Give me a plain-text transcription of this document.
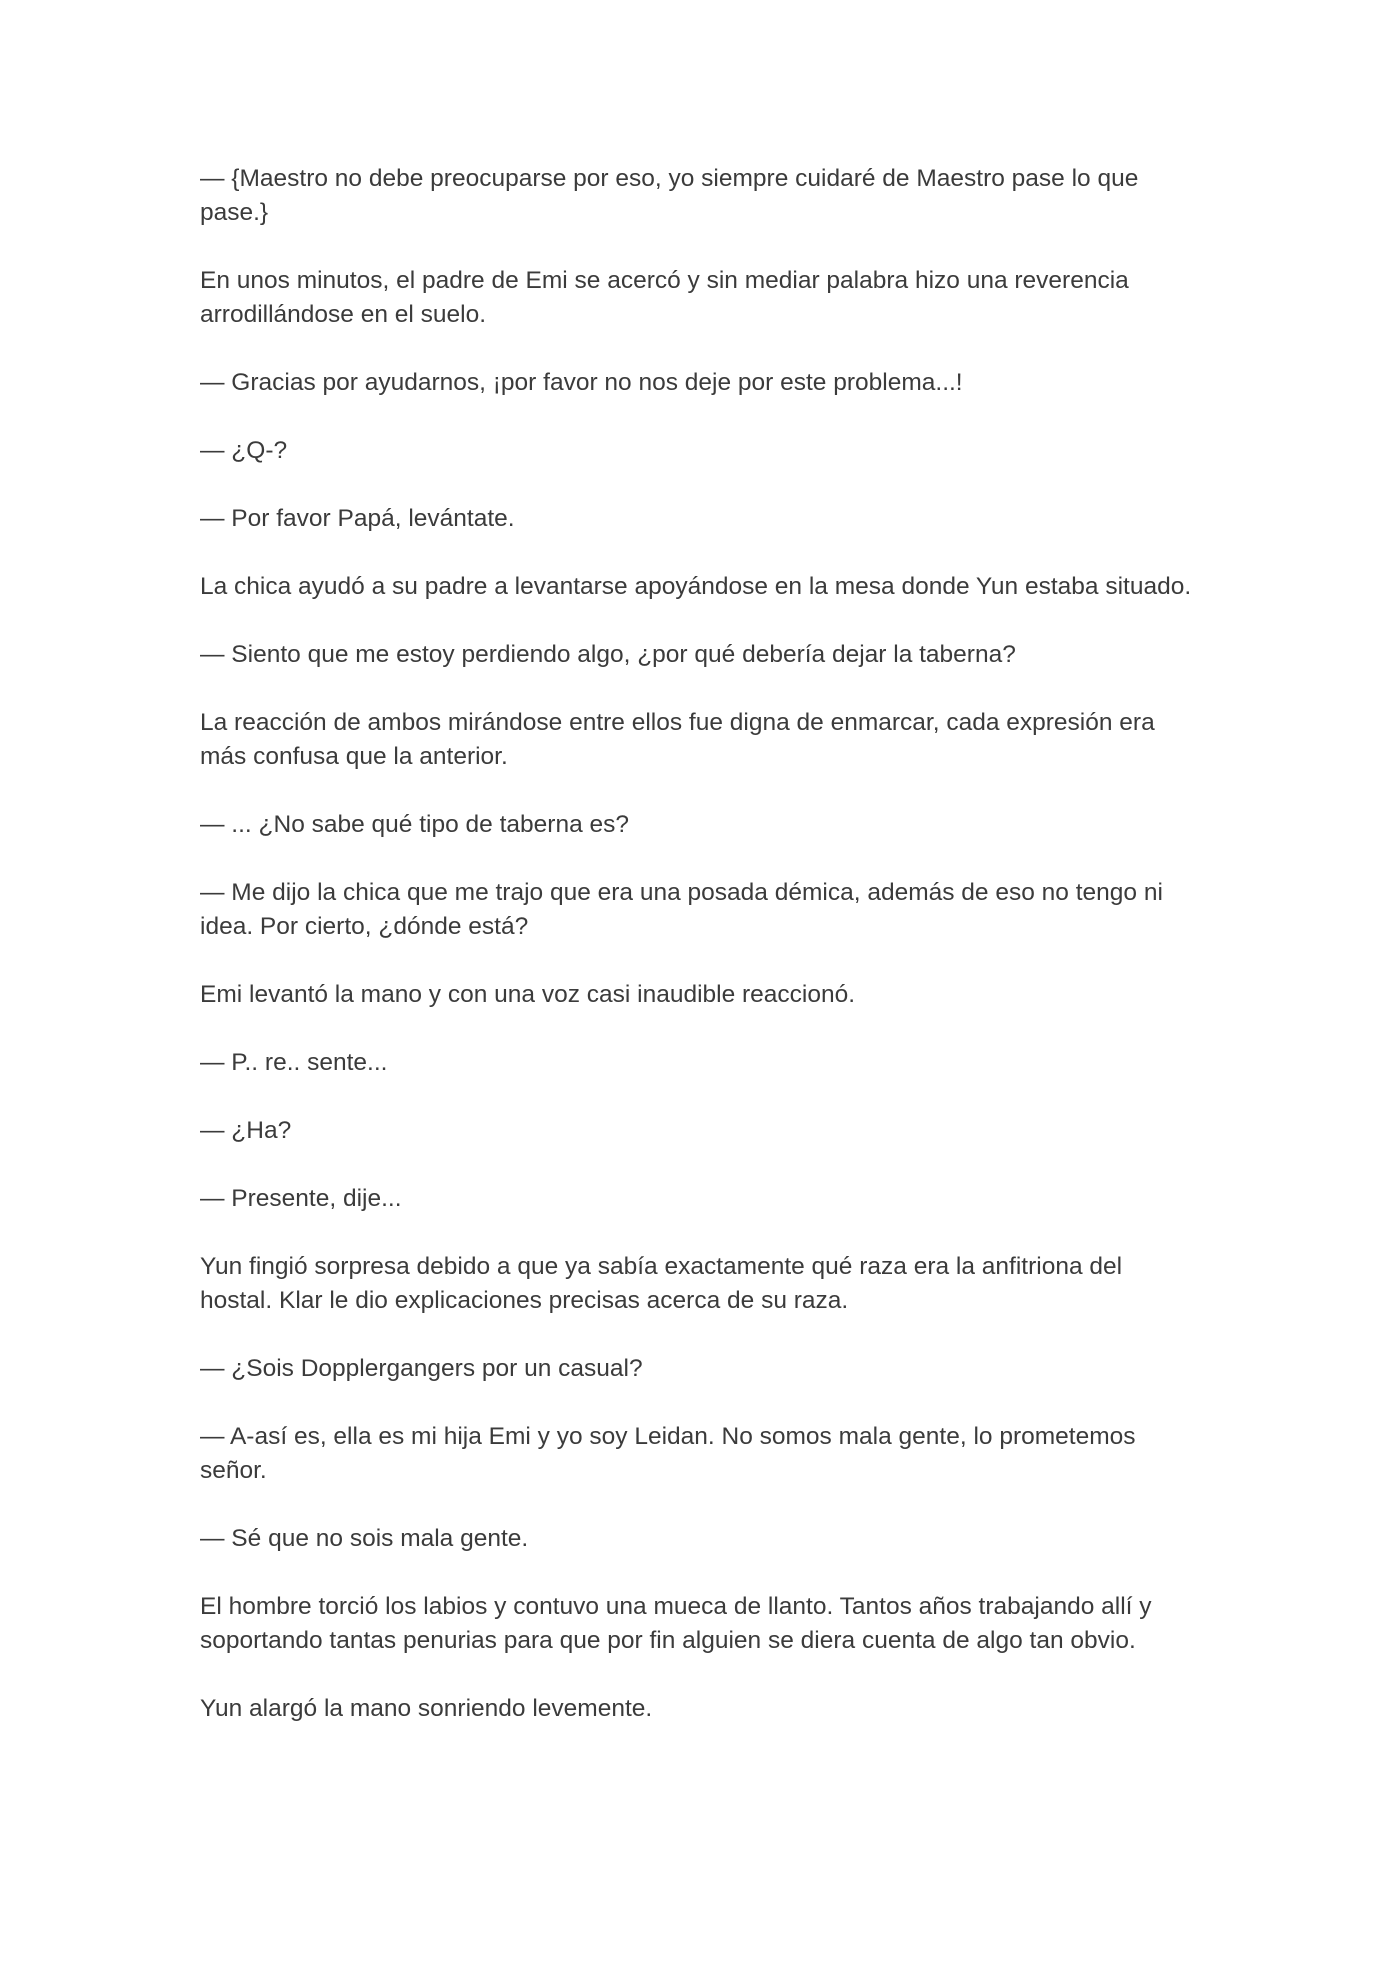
— {Maestro no debe preocuparse por eso, yo siempre cuidaré de Maestro pase lo que pase.}

En unos minutos, el padre de Emi se acercó y sin mediar palabra hizo una reverencia arrodillándose en el suelo.

— Gracias por ayudarnos, ¡por favor no nos deje por este problema...!

— ¿Q-?

— Por favor Papá, levántate.

La chica ayudó a su padre a levantarse apoyándose en la mesa donde Yun estaba situado.

— Siento que me estoy perdiendo algo, ¿por qué debería dejar la taberna?

La reacción de ambos mirándose entre ellos fue digna de enmarcar, cada expresión era más confusa que la anterior.

— ... ¿No sabe qué tipo de taberna es?

— Me dijo la chica que me trajo que era una posada démica, además de eso no tengo ni idea. Por cierto, ¿dónde está?

Emi levantó la mano y con una voz casi inaudible reaccionó.

— P.. re.. sente...

— ¿Ha?

— Presente, dije...

Yun fingió sorpresa debido a que ya sabía exactamente qué raza era la anfitriona del hostal. Klar le dio explicaciones precisas acerca de su raza.

— ¿Sois Dopplergangers por un casual?

— A-así es, ella es mi hija Emi y yo soy Leidan. No somos mala gente, lo prometemos señor.

— Sé que no sois mala gente.

El hombre torció los labios y contuvo una mueca de llanto. Tantos años trabajando allí y soportando tantas penurias para que por fin alguien se diera cuenta de algo tan obvio.

Yun alargó la mano sonriendo levemente.
